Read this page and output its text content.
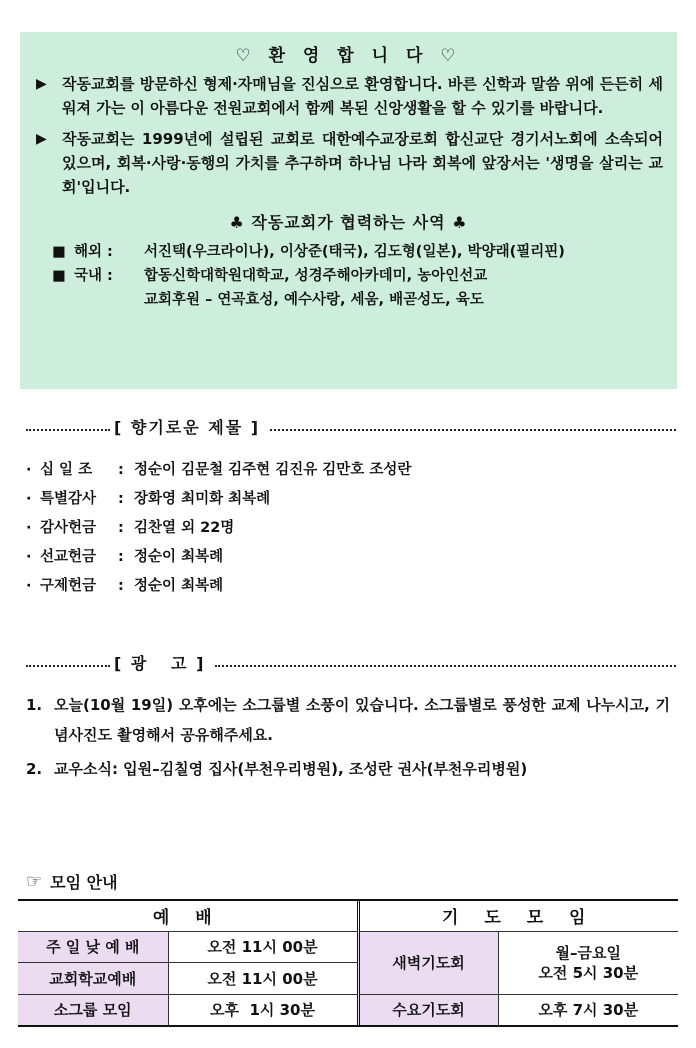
♡ 환 영 합 니 다 ♡
▶	작동교회를 방문하신 형제·자매님을 진심으로 환영합니다. 바른 신학과 말씀 위에 든든히 세워져 가는 이 아름다운 전원교회에서 함께 복된 신앙생활을 할 수 있기를 바랍니다.
▶	작동교회는 1999년에 설립된 교회로 대한예수교장로회 합신교단 경기서노회에 소속되어 있으며, 회복·사랑·동행의 가치를 추구하며 하나님 나라 회복에 앞장서는 '생명을 살리는 교회'입니다.
♣ 작동교회가 협력하는 사역 ♣
■ 해외 :	서진택(우크라이나), 이상준(태국), 김도형(일본), 박양래(필리핀)
■ 국내 :	합동신학대학원대학교, 성경주해아카데미, 농아인선교
교회후원 – 연곡효성, 예수사랑, 세움, 배곧성도, 육도
[ 향기로운 제물 ]
· 십 일 조	: 정순이 김문철 김주현 김진유 김만호 조성란
· 특별감사	: 장화영 최미화 최복례
· 감사헌금	: 김찬열 외 22명
· 선교헌금	: 정순이 최복례
· 구제헌금	: 정순이 최복례
[ 광   고 ]
1. 오늘(10월 19일) 오후에는 소그룹별 소풍이 있습니다. 소그룹별로 풍성한 교제 나누시고, 기념사진도 촬영해서 공유해주세요.
2. 교우소식: 입원–김칠영 집사(부천우리병원), 조성란 권사(부천우리병원)
☞ 모임 안내
예 배		기 도 모 임	
주 일 낮 예 배	오전 11시 00분	새벽기도회	월–금요일
오전 5시 30분

교회학교예배	오전 11시 00분		
소그룹 모임	오후  1시 30분	수요기도회	오후 7시 30분
